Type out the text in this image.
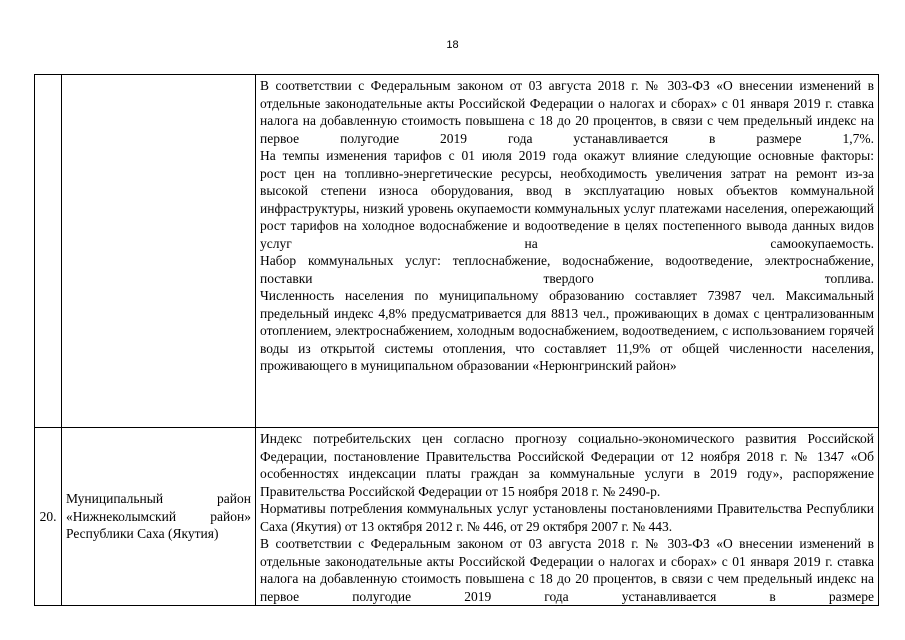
18

		В соответствии с Федеральным законом от 03 августа 2018 г. № 303-ФЗ «О внесении изменений в отдельные законодательные акты Российской Федерации о налогах и сборах» с 01 января 2019 г. ставка налога на добавленную стоимость повышена с 18 до 20 процентов, в связи с чем предельный индекс на первое полугодие 2019 года устанавливается в размере 1,7%.

На темпы изменения тарифов с 01 июля 2019 года окажут влияние следующие основные факторы:

рост цен на топливно-энергетические ресурсы, необходимость увеличения затрат на ремонт из-за высокой степени износа оборудования, ввод в эксплуатацию новых объектов коммунальной инфраструктуры, низкий уровень окупаемости коммунальных услуг платежами населения, опережающий рост тарифов на холодное водоснабжение и водоотведение в целях постепенного вывода данных видов услуг на самоокупаемость.

Набор коммунальных услуг: теплоснабжение, водоснабжение, водоотведение, электроснабжение, поставки твердого топлива.

Численность населения по муниципальному образованию составляет 73987 чел. Максимальный предельный индекс 4,8% предусматривается для 8813 чел., проживающих в домах с централизованным отоплением, электроснабжением, холодным водоснабжением, водоотведением, с использованием горячей воды из открытой системы отопления, что составляет 11,9% от общей численности населения, проживающего в муниципальном образовании «Нерюнгринский район»

20.	Муниципальный район «Нижнеколымский район» Республики Саха (Якутия)	Индекс потребительских цен согласно прогнозу социально-экономического развития Российской Федерации, постановление Правительства Российской Федерации от 12 ноября 2018 г. № 1347 «Об особенностях индексации платы граждан за коммунальные услуги в 2019 году», распоряжение Правительства Российской Федерации от 15 ноября 2018 г. № 2490-р.

Нормативы потребления коммунальных услуг установлены постановлениями Правительства Республики Саха (Якутия) от 13 октября 2012 г. № 446, от 29 октября 2007 г. № 443.

В соответствии с Федеральным законом от 03 августа 2018 г. № 303-ФЗ «О внесении изменений в отдельные законодательные акты Российской Федерации о налогах и сборах» с 01 января 2019 г. ставка налога на добавленную стоимость повышена с 18 до 20 процентов, в связи с чем предельный индекс на первое полугодие 2019 года устанавливается в размере
